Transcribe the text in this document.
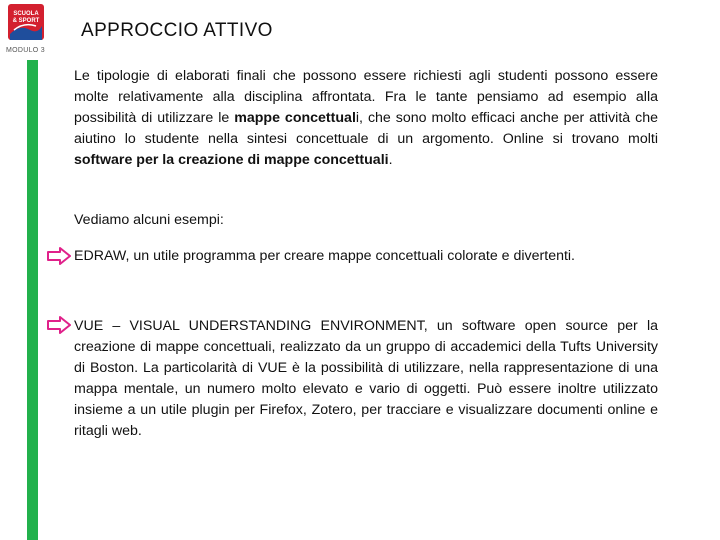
SCUOLA
& SPORT
MODULO 3
APPROCCIO ATTIVO

Le tipologie di elaborati finali che possono essere richiesti agli studenti possono essere molte relativamente alla disciplina affrontata. Fra le tante pensiamo ad esempio alla possibilità di utilizzare le mappe concettuali, che sono molto efficaci anche per attività che aiutino lo studente nella sintesi concettuale di un argomento. Online si trovano molti software per la creazione di mappe concettuali.

Vediamo alcuni esempi:

EDRAW, un utile programma per creare mappe concettuali colorate e divertenti.
VUE – VISUAL UNDERSTANDING ENVIRONMENT, un software open source per la creazione di mappe concettuali, realizzato da un gruppo di accademici della Tufts University di Boston. La particolarità di VUE è la possibilità di utilizzare, nella rappresentazione di una mappa mentale, un numero molto elevato e vario di oggetti. Può essere inoltre utilizzato insieme a un utile plugin per Firefox, Zotero, per tracciare e visualizzare documenti online e ritagli web.
